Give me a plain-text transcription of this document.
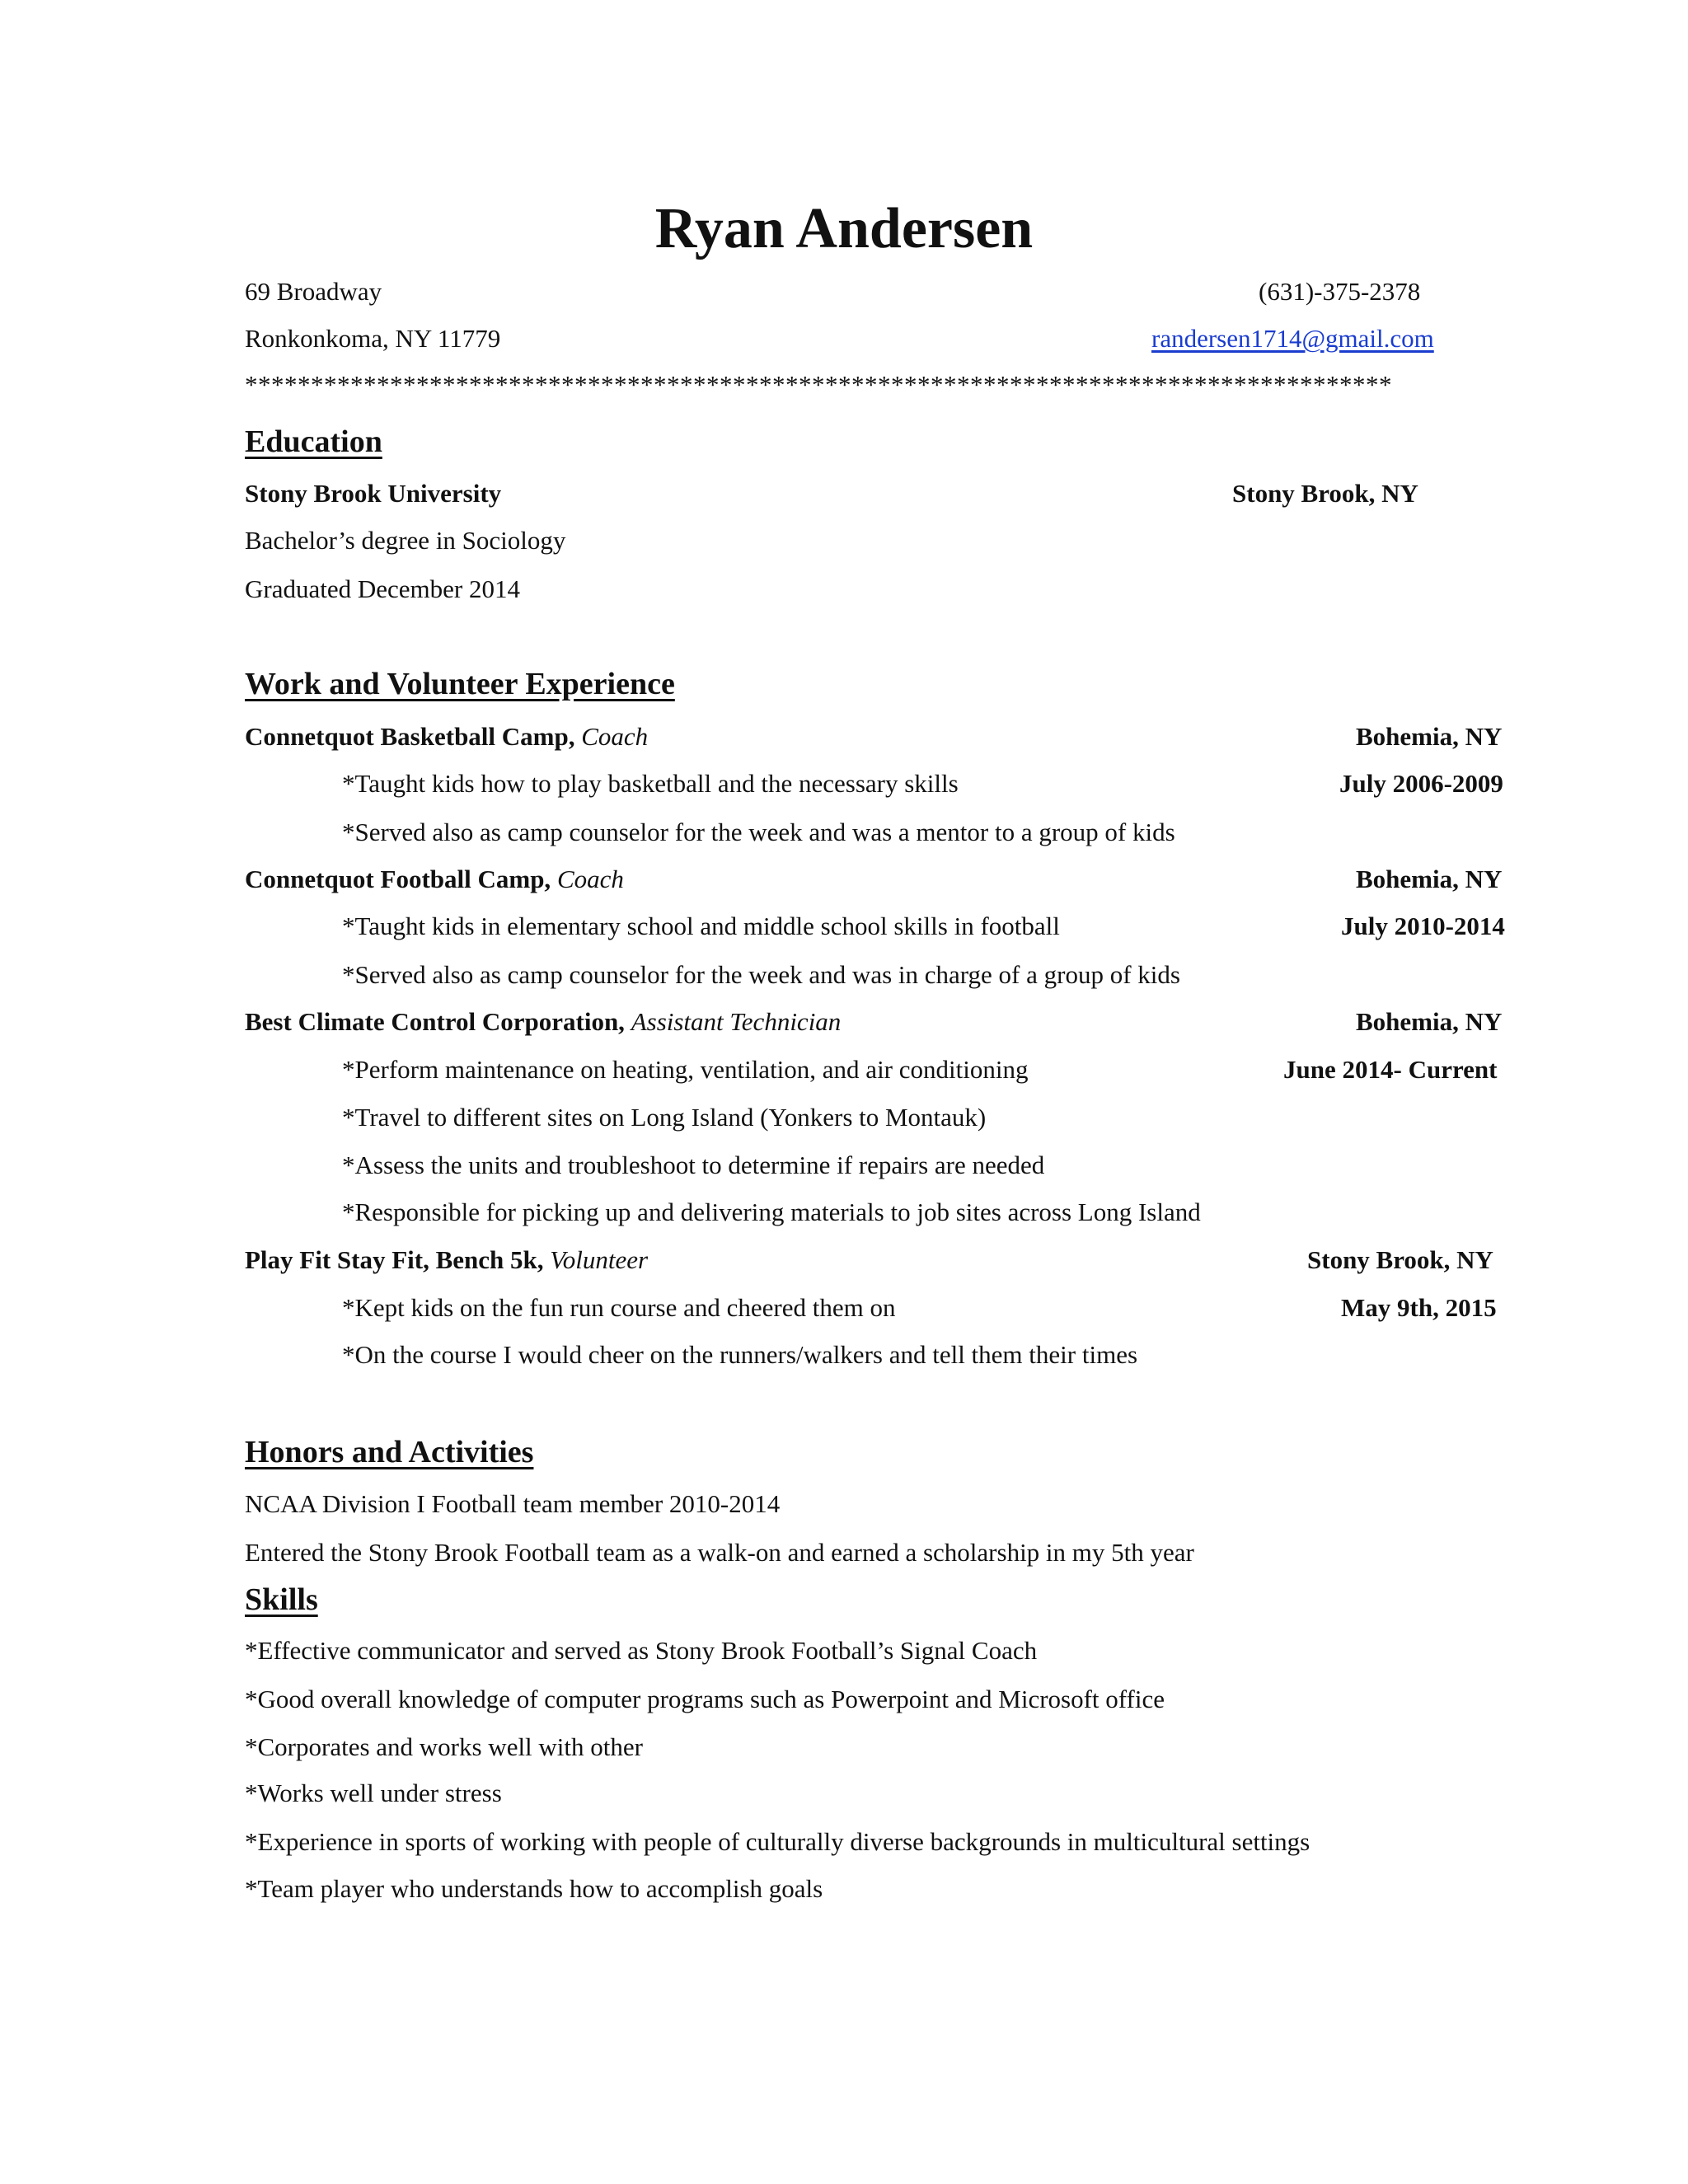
Ryan Andersen
69 Broadway	(631)-375-2378
Ronkonkoma, NY 11779	randersen1714@gmail.com
***************************************************************************************
Education
Stony Brook University	Stony Brook, NY
Bachelor’s degree in Sociology
Graduated December 2014
Work and Volunteer Experience
Connetquot Basketball Camp, Coach	Bohemia, NY
*Taught kids how to play basketball and the necessary skills	July 2006-2009
*Served also as camp counselor for the week and was a mentor to a group of kids
Connetquot Football Camp, Coach	Bohemia, NY
*Taught kids in elementary school and middle school skills in football	July 2010-2014
*Served also as camp counselor for the week and was in charge of a group of kids
Best Climate Control Corporation, Assistant Technician	Bohemia, NY
*Perform maintenance on heating, ventilation, and air conditioning	June 2014- Current
*Travel to different sites on Long Island (Yonkers to Montauk)
*Assess the units and troubleshoot to determine if repairs are needed
*Responsible for picking up and delivering materials to job sites across Long Island
Play Fit Stay Fit, Bench 5k, Volunteer	Stony Brook, NY
*Kept kids on the fun run course and cheered them on	May 9th, 2015
*On the course I would cheer on the runners/walkers and tell them their times
Honors and Activities
NCAA Division I Football team member 2010-2014
Entered the Stony Brook Football team as a walk-on and earned a scholarship in my 5th year
Skills
*Effective communicator and served as Stony Brook Football’s Signal Coach
*Good overall knowledge of computer programs such as Powerpoint and Microsoft office
*Corporates and works well with other
*Works well under stress
*Experience in sports of working with people of culturally diverse backgrounds in multicultural settings
*Team player who understands how to accomplish goals
